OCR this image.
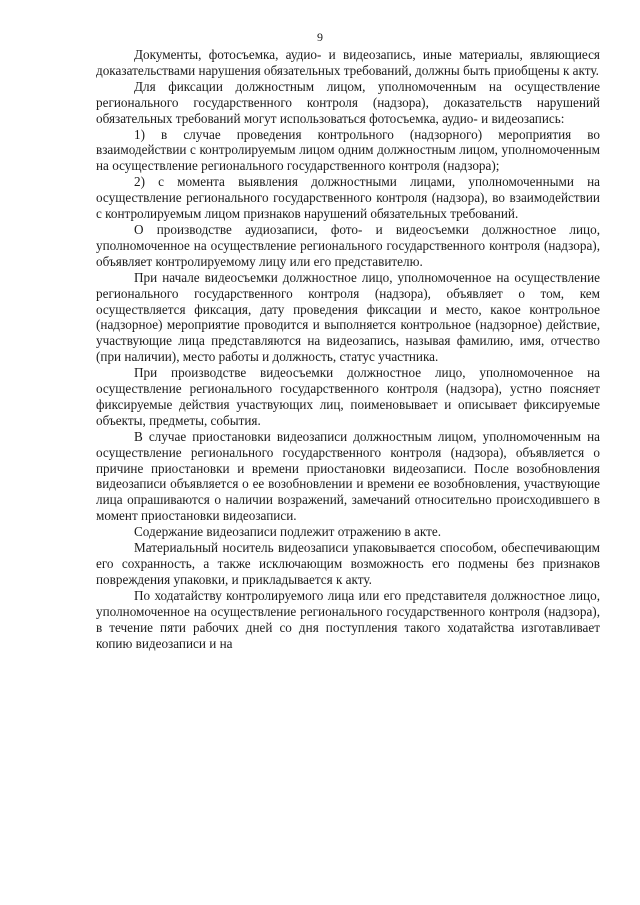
9

Документы, фотосъемка, аудио- и видеозапись, иные материалы, являющиеся доказательствами нарушения обязательных требований, должны быть приобщены к акту.

Для фиксации должностным лицом, уполномоченным на осуществление регионального государственного контроля (надзора), доказательств нарушений обязательных требований могут использоваться фотосъемка, аудио- и видеозапись:

1) в случае проведения контрольного (надзорного) мероприятия во взаимодействии с контролируемым лицом одним должностным лицом, уполномоченным на осуществление регионального государственного контроля (надзора);

2) с момента выявления должностными лицами, уполномоченными на осуществление регионального государственного контроля (надзора), во взаимодействии с контролируемым лицом признаков нарушений обязательных требований.

О производстве аудиозаписи, фото- и видеосъемки должностное лицо, уполномоченное на осуществление регионального государственного контроля (надзора), объявляет контролируемому лицу или его представителю.

При начале видеосъемки должностное лицо, уполномоченное на осуществление регионального государственного контроля (надзора), объявляет о том, кем осуществляется фиксация, дату проведения фиксации и место, какое контрольное (надзорное) мероприятие проводится и выполняется контрольное (надзорное) действие, участвующие лица представляются на видеозапись, называя фамилию, имя, отчество (при наличии), место работы и должность, статус участника.

При производстве видеосъемки должностное лицо, уполномоченное на осуществление регионального государственного контроля (надзора), устно поясняет фиксируемые действия участвующих лиц, поименовывает и описывает фиксируемые объекты, предметы, события.

В случае приостановки видеозаписи должностным лицом, уполномоченным на осуществление регионального государственного контроля (надзора), объявляется о причине приостановки и времени приостановки видеозаписи. После возобновления видеозаписи объявляется о ее возобновлении и времени ее возобновления, участвующие лица опрашиваются о наличии возражений, замечаний относительно происходившего в момент приостановки видеозаписи.

Содержание видеозаписи подлежит отражению в акте.

Материальный носитель видеозаписи упаковывается способом, обеспечивающим его сохранность, а также исключающим возможность его подмены без признаков повреждения упаковки, и прикладывается к акту.

По ходатайству контролируемого лица или его представителя должностное лицо, уполномоченное на осуществление регионального государственного контроля (надзора), в течение пяти рабочих дней со дня поступления такого ходатайства изготавливает копию видеозаписи и на
